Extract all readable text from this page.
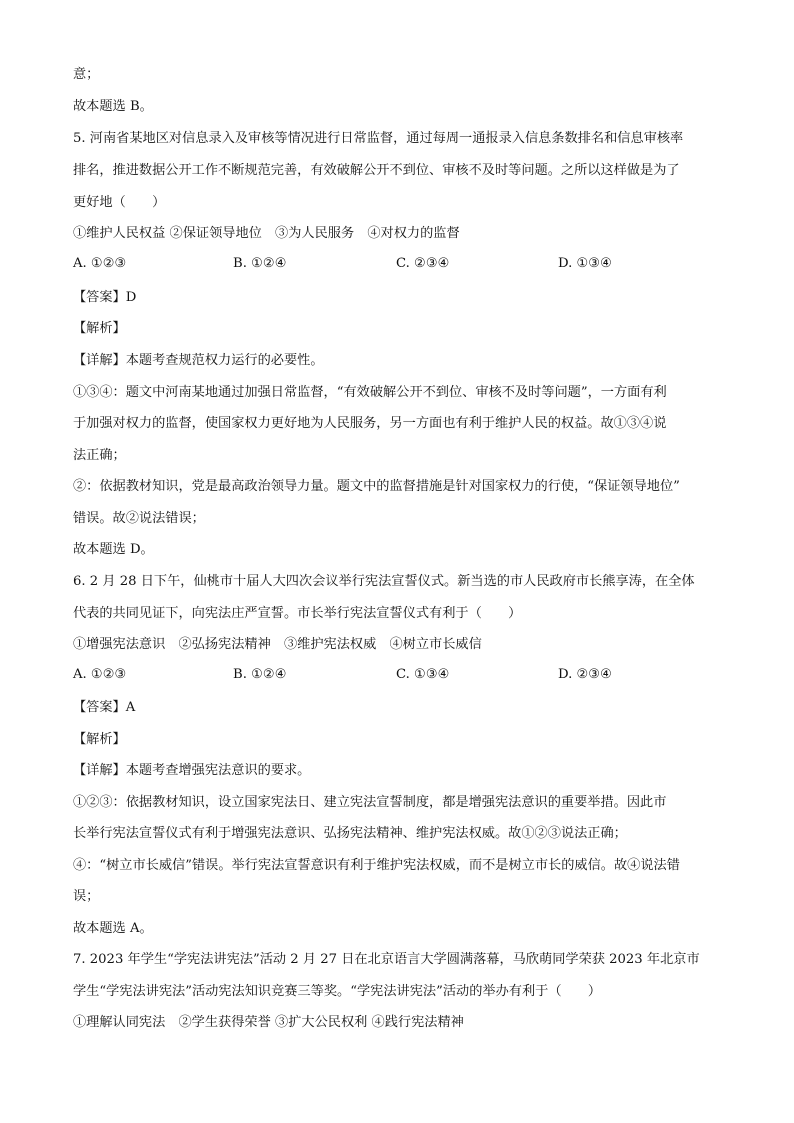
意；
故本题选 B。
5. 河南省某地区对信息录入及审核等情况进行日常监督，通过每周一通报录入信息条数排名和信息审核率
排名，推进数据公开工作不断规范完善，有效破解公开不到位、审核不及时等问题。之所以这样做是为了
更好地（　　）
①维护人民权益 ②保证领导地位　③为人民服务　④对权力的监督
A. ①②③	B. ①②④	C. ②③④	D. ①③④
【答案】D
【解析】
【详解】本题考查规范权力运行的必要性。
①③④：题文中河南某地通过加强日常监督，“有效破解公开不到位、审核不及时等问题”，一方面有利
于加强对权力的监督，使国家权力更好地为人民服务，另一方面也有利于维护人民的权益。故①③④说
法正确；
②：依据教材知识，党是最高政治领导力量。题文中的监督措施是针对国家权力的行使，“保证领导地位”
错误。故②说法错误；
故本题选 D。
6. 2 月 28 日下午，仙桃市十届人大四次会议举行宪法宣誓仪式。新当选的市人民政府市长熊享涛，在全体
代表的共同见证下，向宪法庄严宣誓。市长举行宪法宣誓仪式有利于（　　）
①增强宪法意识　②弘扬宪法精神　③维护宪法权威　④树立市长威信
A. ①②③	B. ①②④	C. ①③④	D. ②③④
【答案】A
【解析】
【详解】本题考查增强宪法意识的要求。
①②③：依据教材知识，设立国家宪法日、建立宪法宣誓制度，都是增强宪法意识的重要举措。因此市
长举行宪法宣誓仪式有利于增强宪法意识、弘扬宪法精神、维护宪法权威。故①②③说法正确；
④：“树立市长威信”错误。举行宪法宣誓意识有利于维护宪法权威，而不是树立市长的威信。故④说法错
误；
故本题选 A。
7. 2023 年学生“学宪法讲宪法”活动 2 月 27 日在北京语言大学圆满落幕，马欣萌同学荣获 2023 年北京市
学生“学宪法讲宪法”活动宪法知识竞赛三等奖。“学宪法讲宪法”活动的举办有利于（　　）
①理解认同宪法　②学生获得荣誉 ③扩大公民权利 ④践行宪法精神
